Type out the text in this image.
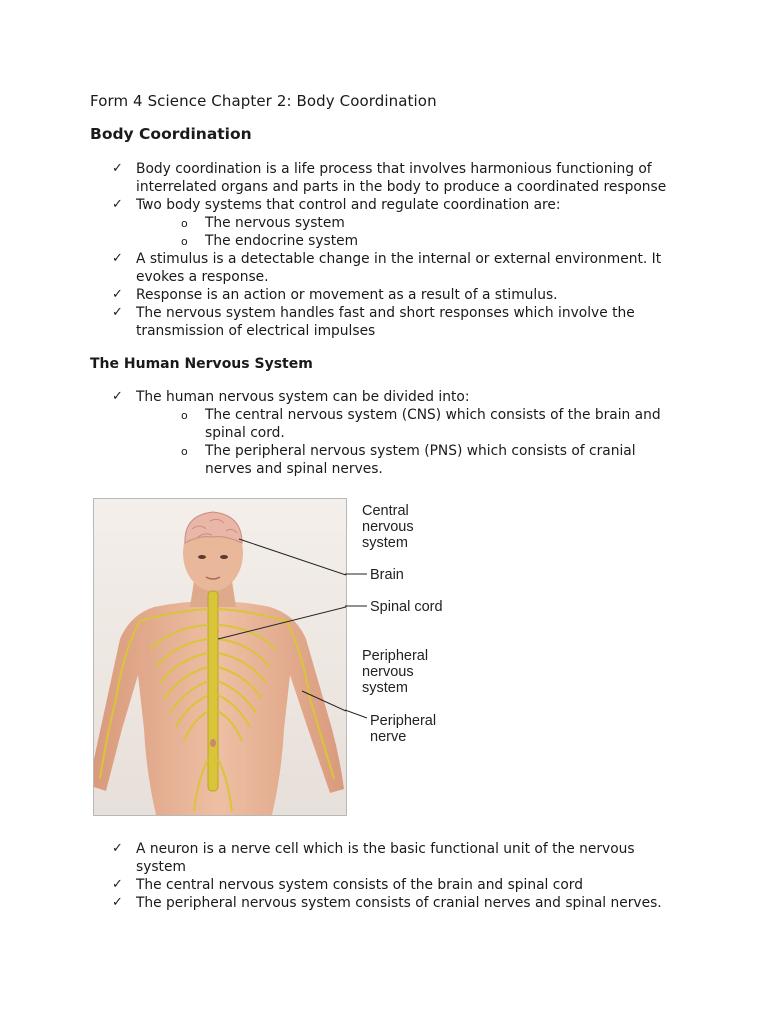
Form 4 Science Chapter 2: Body Coordination
Body Coordination
✓ Body coordination is a life process that involves harmonious functioning of interrelated organs and parts in the body to produce a coordinated response
✓ Two body systems that control and regulate coordination are:
o The nervous system
o The endocrine system
✓ A stimulus is a detectable change in the internal or external environment. It evokes a response.
✓ Response is an action or movement as a result of a stimulus.
✓ The nervous system handles fast and short responses which involve the transmission of electrical impulses
The Human Nervous System
✓ The human nervous system can be divided into:
o The central nervous system (CNS) which consists of the brain and spinal cord.
o The peripheral nervous system (PNS) which consists of cranial nerves and spinal nerves.
Central nervous system
Brain
Spinal cord
Peripheral nervous system
Peripheral nerve
✓ A neuron is a nerve cell which is the basic functional unit of the nervous system
✓ The central nervous system consists of the brain and spinal cord
✓ The peripheral nervous system consists of cranial nerves and spinal nerves.
